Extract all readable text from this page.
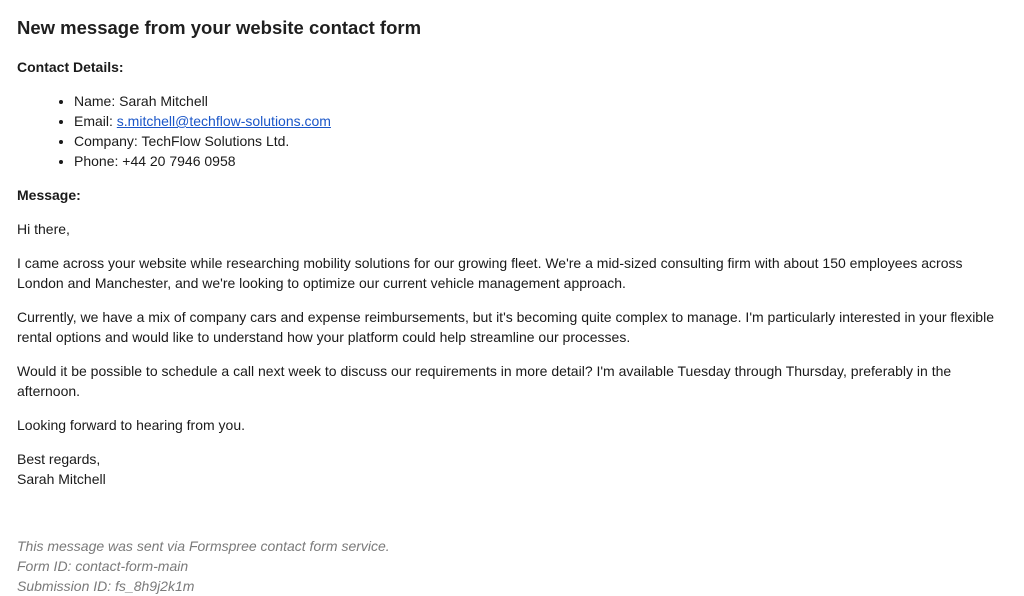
New message from your website contact form

Contact Details:

• Name: Sarah Mitchell
• Email: s.mitchell@techflow-solutions.com
• Company: TechFlow Solutions Ltd.
• Phone: +44 20 7946 0958

Message:

Hi there,

I came across your website while researching mobility solutions for our growing fleet. We're a mid-sized consulting firm with about 150 employees across London and Manchester, and we're looking to optimize our current vehicle management approach.

Currently, we have a mix of company cars and expense reimbursements, but it's becoming quite complex to manage. I'm particularly interested in your flexible rental options and would like to understand how your platform could help streamline our processes.

Would it be possible to schedule a call next week to discuss our requirements in more detail? I'm available Tuesday through Thursday, preferably in the afternoon.

Looking forward to hearing from you.

Best regards,
Sarah Mitchell
This message was sent via Formspree contact form service.
Form ID: contact-form-main
Submission ID: fs_8h9j2k1m
